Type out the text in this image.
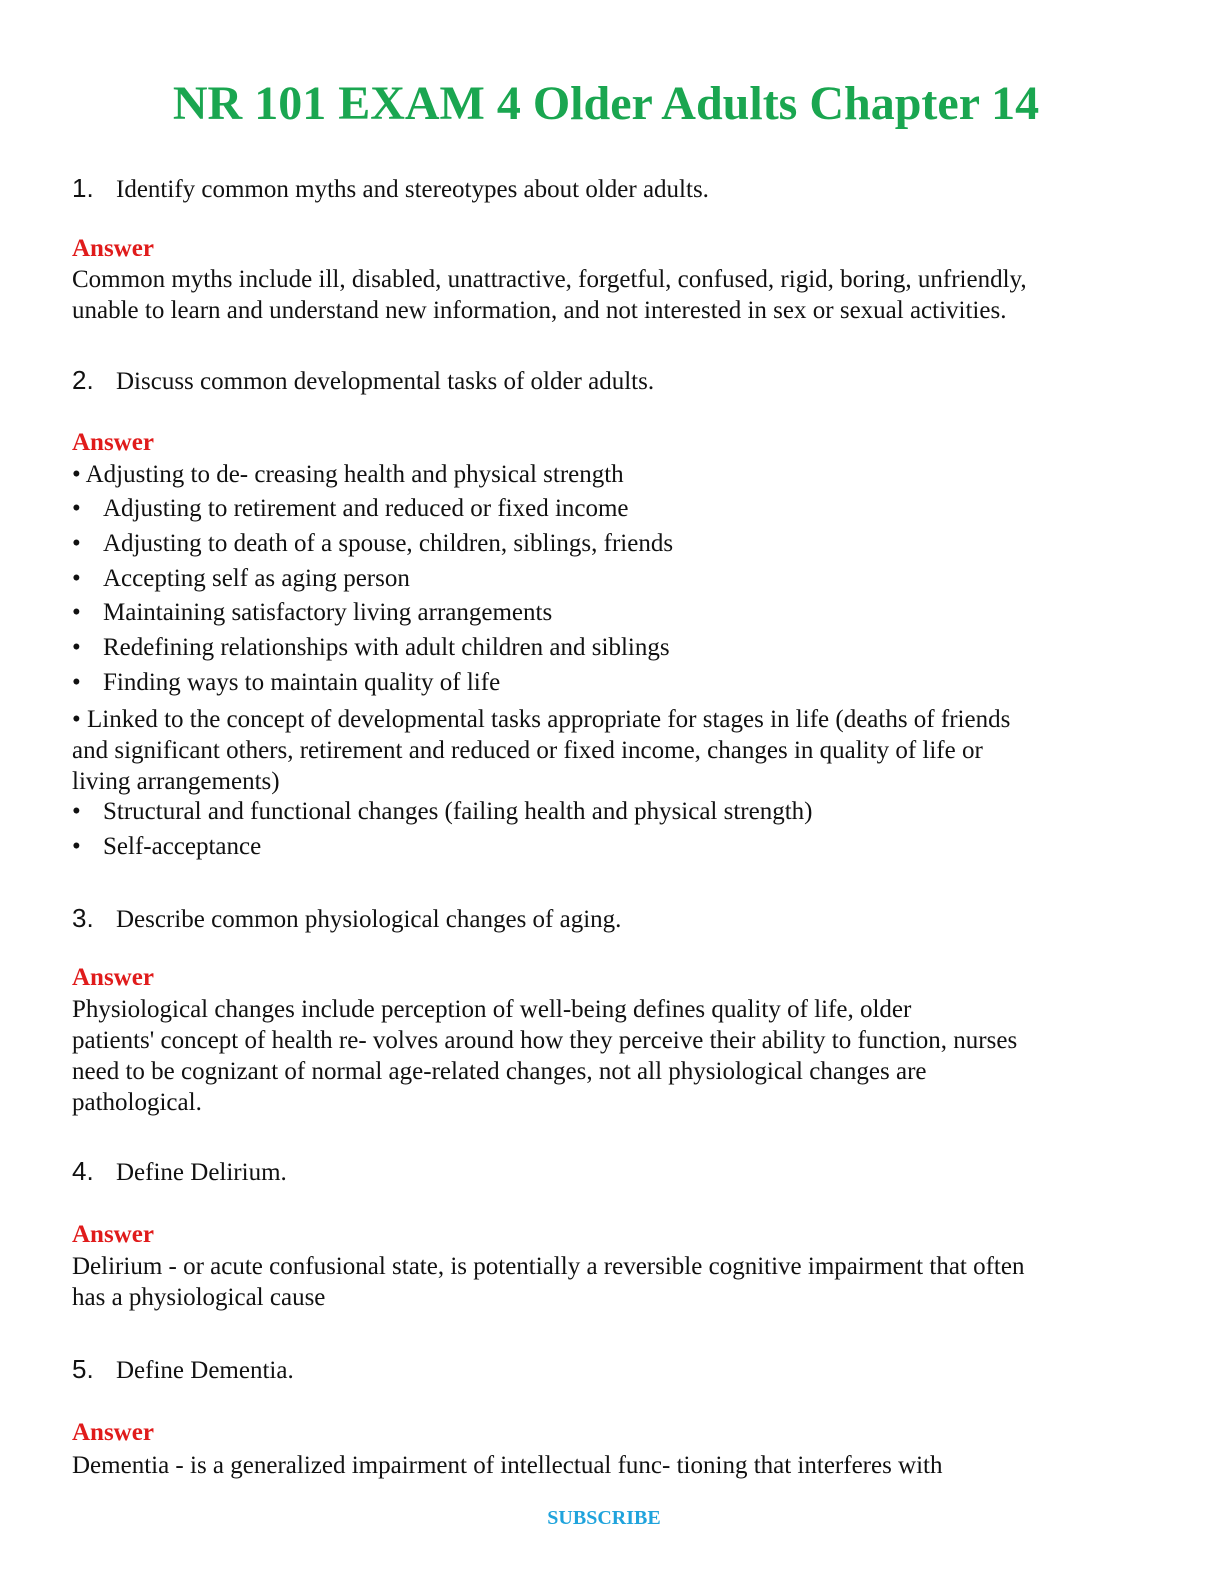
NR 101 EXAM 4 Older Adults Chapter 14
1. Identify common myths and stereotypes about older adults.
Answer
Common myths include ill, disabled, unattractive, forgetful, confused, rigid, boring, unfriendly,
unable to learn and understand new information, and not interested in sex or sexual activities.
2. Discuss common developmental tasks of older adults.
Answer
• Adjusting to de- creasing health and physical strength
• Adjusting to retirement and reduced or fixed income
• Adjusting to death of a spouse, children, siblings, friends
• Accepting self as aging person
• Maintaining satisfactory living arrangements
• Redefining relationships with adult children and siblings
• Finding ways to maintain quality of life
• Linked to the concept of developmental tasks appropriate for stages in life (deaths of friends
and significant others, retirement and reduced or fixed income, changes in quality of life or
living arrangements)
• Structural and functional changes (failing health and physical strength)
• Self-acceptance
3. Describe common physiological changes of aging.
Answer
Physiological changes include perception of well-being defines quality of life, older
patients' concept of health re- volves around how they perceive their ability to function, nurses
need to be cognizant of normal age-related changes, not all physiological changes are
pathological.
4. Define Delirium.
Answer
Delirium - or acute confusional state, is potentially a reversible cognitive impairment that often
has a physiological cause
5. Define Dementia.
Answer
Dementia - is a generalized impairment of intellectual func- tioning that interferes with
SUBSCRIBE
